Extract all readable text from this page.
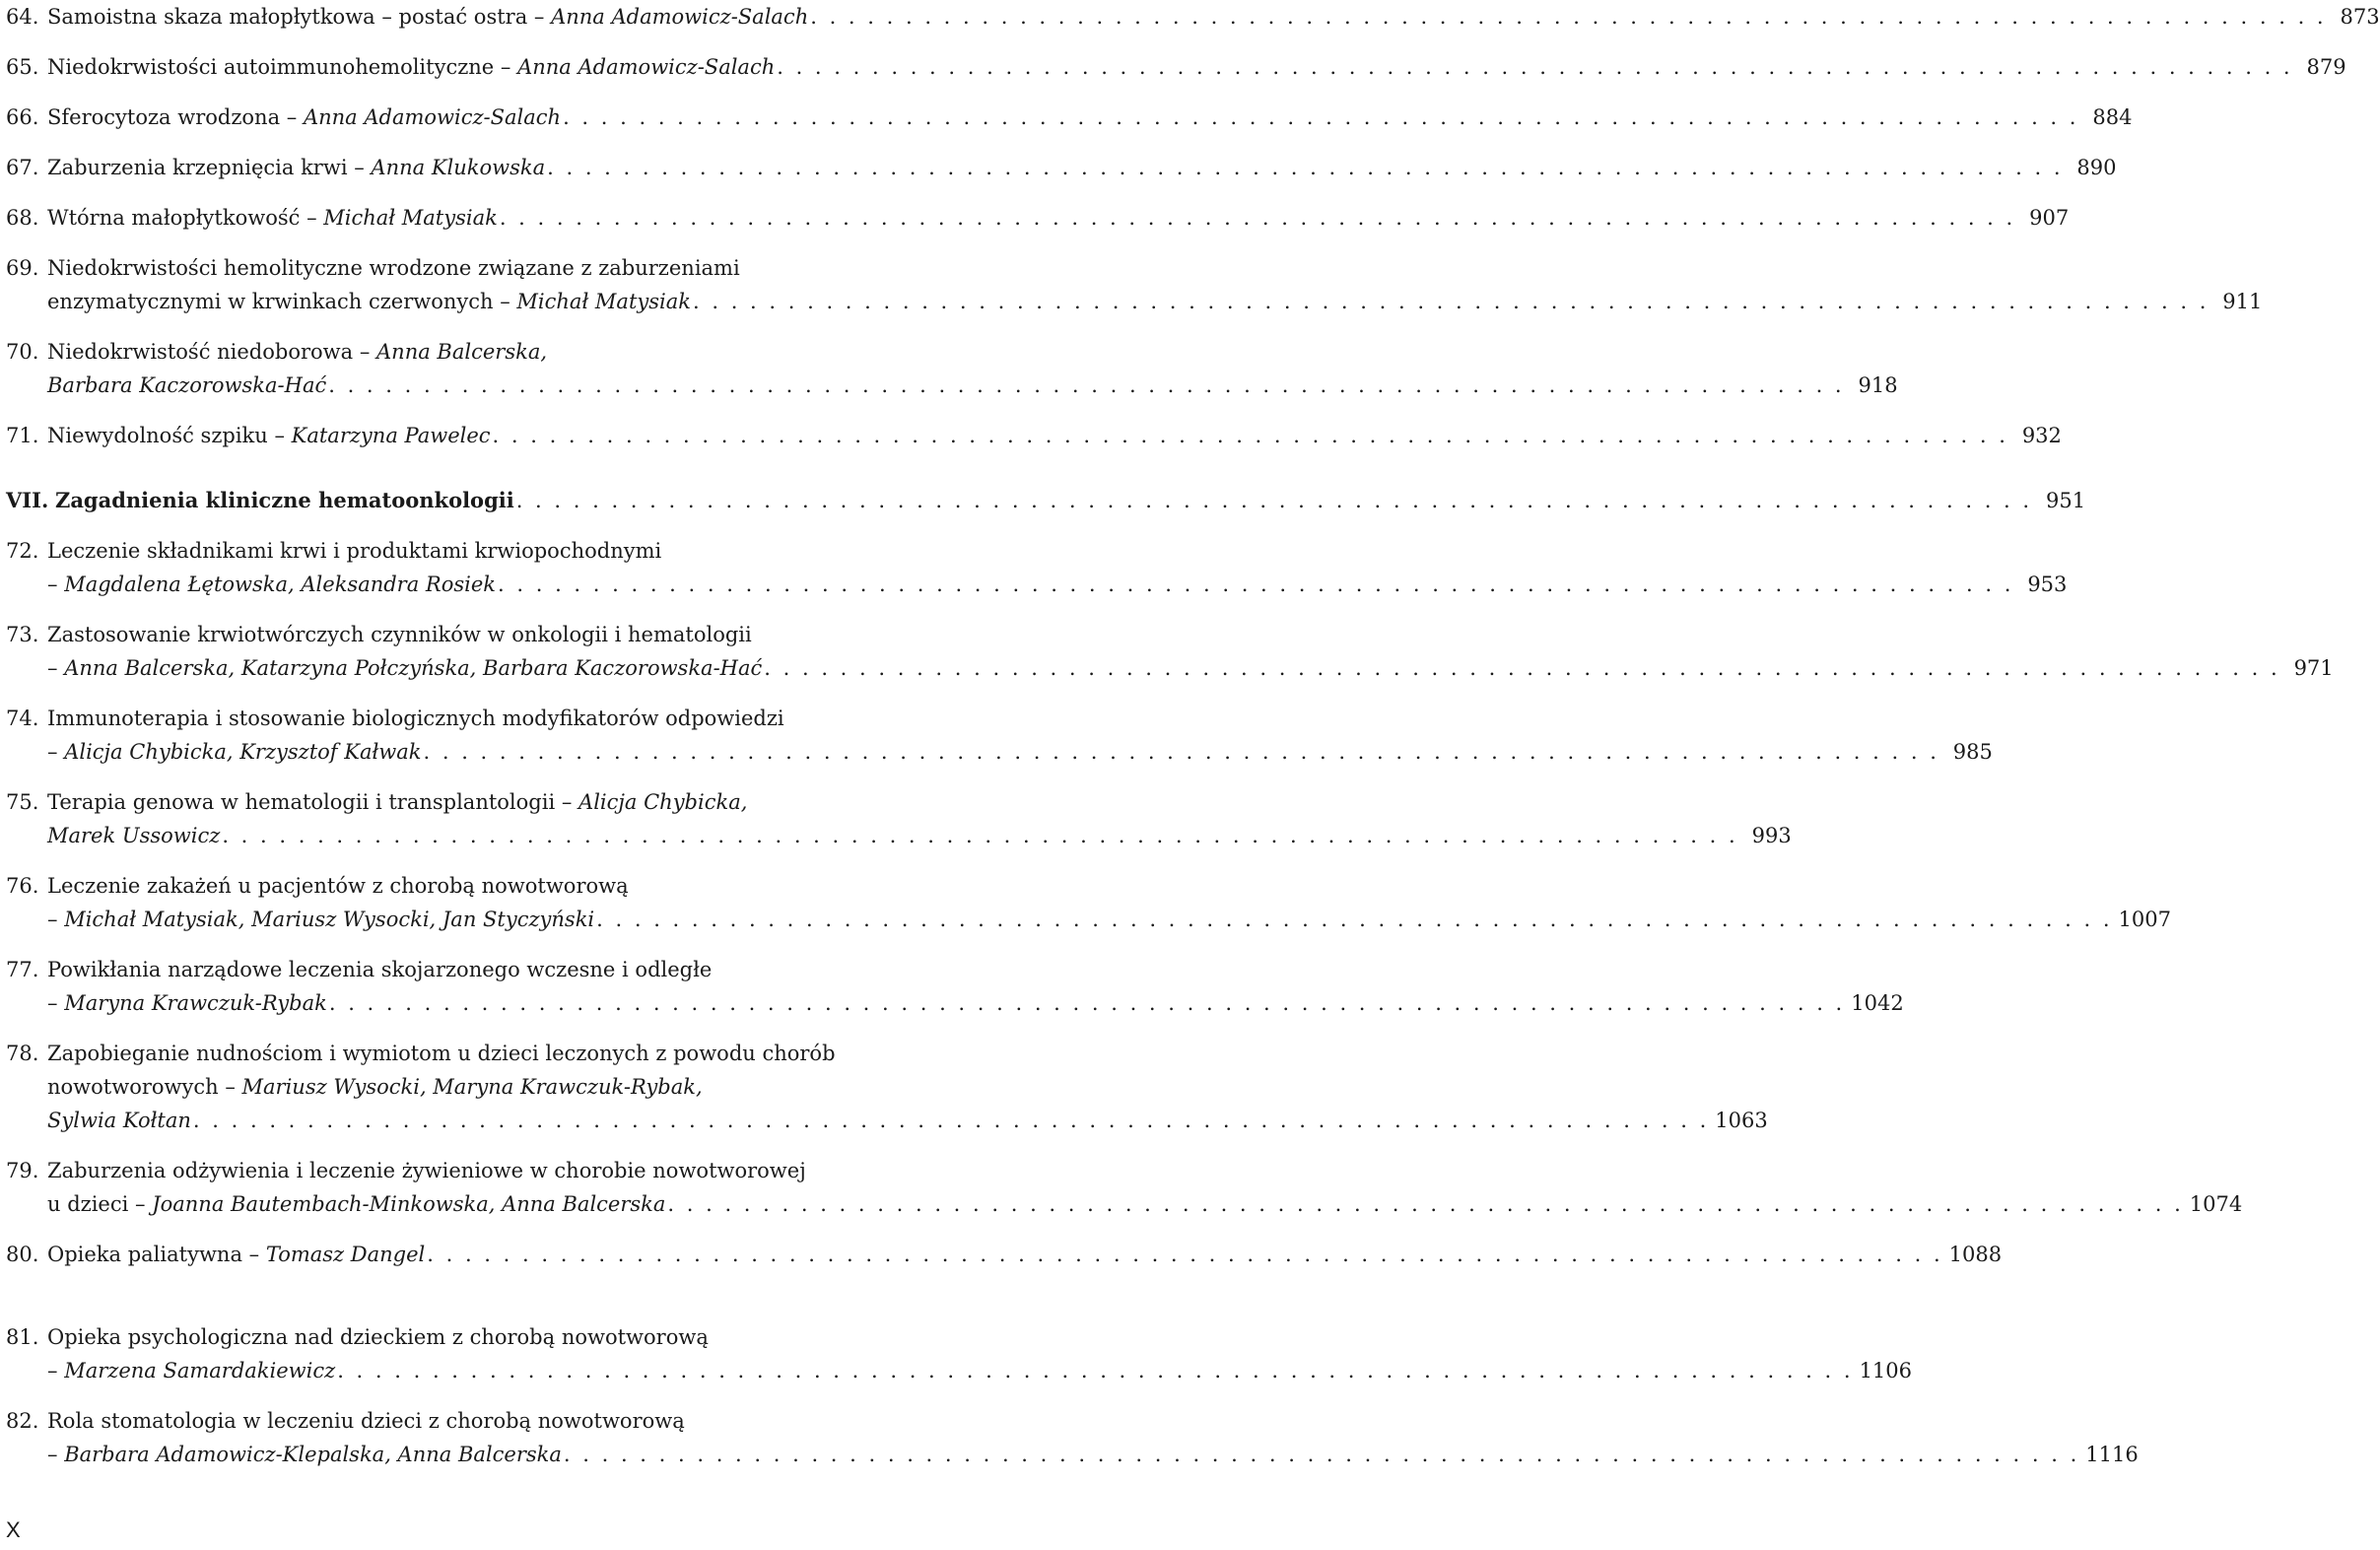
64. Samoistna skaza małopłytkowa – postać ostra – Anna Adamowicz-Salach . . . . . . . . . . . . . . . . . . . . . . . . . . . . . . . . . . . . . . . . . . . . . . . . . . . . . . . . . . . . . . . . . . . . . . . . . . . . . . . . 873
65. Niedokrwistości autoimmunohemolityczne – Anna Adamowicz-Salach . . . . . . . . . . . . . . . . . . . . . . . . . . . . . . . . . . . . . . . . . . . . . . . . . . . . . . . . . . . . . . . . . . . . . . . . . . . . . . . . 879
66. Sferocytoza wrodzona – Anna Adamowicz-Salach . . . . . . . . . . . . . . . . . . . . . . . . . . . . . . . . . . . . . . . . . . . . . . . . . . . . . . . . . . . . . . . . . . . . . . . . . . . . . . . . 884
67. Zaburzenia krzepnięcia krwi – Anna Klukowska . . . . . . . . . . . . . . . . . . . . . . . . . . . . . . . . . . . . . . . . . . . . . . . . . . . . . . . . . . . . . . . . . . . . . . . . . . . . . . . . 890
68. Wtórna małopłytkowość – Michał Matysiak . . . . . . . . . . . . . . . . . . . . . . . . . . . . . . . . . . . . . . . . . . . . . . . . . . . . . . . . . . . . . . . . . . . . . . . . . . . . . . . . 907
69. Niedokrwistości hemolityczne wrodzone związane z zaburzeniami
enzymatycznymi w krwinkach czerwonych – Michał Matysiak . . . . . . . . . . . . . . . . . . . . . . . . . . . . . . . . . . . . . . . . . . . . . . . . . . . . . . . . . . . . . . . . . . . . . . . . . . . . . . . . 911
70. Niedokrwistość niedoborowa – Anna Balcerska,
Barbara Kaczorowska-Hać . . . . . . . . . . . . . . . . . . . . . . . . . . . . . . . . . . . . . . . . . . . . . . . . . . . . . . . . . . . . . . . . . . . . . . . . . . . . . . . . 918
71. Niewydolność szpiku – Katarzyna Pawelec . . . . . . . . . . . . . . . . . . . . . . . . . . . . . . . . . . . . . . . . . . . . . . . . . . . . . . . . . . . . . . . . . . . . . . . . . . . . . . . . 932
VII. Zagadnienia kliniczne hematoonkologii . . . . . . . . . . . . . . . . . . . . . . . . . . . . . . . . . . . . . . . . . . . . . . . . . . . . . . . . . . . . . . . . . . . . . . . . . . . . . . . . 951
72. Leczenie składnikami krwi i produktami krwiopochodnymi
– Magdalena Łętowska, Aleksandra Rosiek . . . . . . . . . . . . . . . . . . . . . . . . . . . . . . . . . . . . . . . . . . . . . . . . . . . . . . . . . . . . . . . . . . . . . . . . . . . . . . . . 953
73. Zastosowanie krwiotwórczych czynników w onkologii i hematologii
– Anna Balcerska, Katarzyna Połczyńska, Barbara Kaczorowska-Hać . . . . . . . . . . . . . . . . . . . . . . . . . . . . . . . . . . . . . . . . . . . . . . . . . . . . . . . . . . . . . . . . . . . . . . . . . . . . . . . . 971
74. Immunoterapia i stosowanie biologicznych modyfikatorów odpowiedzi
– Alicja Chybicka, Krzysztof Kałwak . . . . . . . . . . . . . . . . . . . . . . . . . . . . . . . . . . . . . . . . . . . . . . . . . . . . . . . . . . . . . . . . . . . . . . . . . . . . . . . . 985
75. Terapia genowa w hematologii i transplantologii – Alicja Chybicka,
Marek Ussowicz . . . . . . . . . . . . . . . . . . . . . . . . . . . . . . . . . . . . . . . . . . . . . . . . . . . . . . . . . . . . . . . . . . . . . . . . . . . . . . . . 993
76. Leczenie zakażeń u pacjentów z chorobą nowotworową
– Michał Matysiak, Mariusz Wysocki, Jan Styczyński . . . . . . . . . . . . . . . . . . . . . . . . . . . . . . . . . . . . . . . . . . . . . . . . . . . . . . . . . . . . . . . . . . . . . . . . . . . . . . . . 1007
77. Powikłania narządowe leczenia skojarzonego wczesne i odległe
– Maryna Krawczuk-Rybak . . . . . . . . . . . . . . . . . . . . . . . . . . . . . . . . . . . . . . . . . . . . . . . . . . . . . . . . . . . . . . . . . . . . . . . . . . . . . . . . 1042
78. Zapobieganie nudnościom i wymiotom u dzieci leczonych z powodu chorób
nowotworowych – Mariusz Wysocki, Maryna Krawczuk-Rybak,
Sylwia Kołtan . . . . . . . . . . . . . . . . . . . . . . . . . . . . . . . . . . . . . . . . . . . . . . . . . . . . . . . . . . . . . . . . . . . . . . . . . . . . . . . . 1063
79. Zaburzenia odżywienia i leczenie żywieniowe w chorobie nowotworowej
u dzieci – Joanna Bautembach-Minkowska, Anna Balcerska . . . . . . . . . . . . . . . . . . . . . . . . . . . . . . . . . . . . . . . . . . . . . . . . . . . . . . . . . . . . . . . . . . . . . . . . . . . . . . . . 1074
80. Opieka paliatywna – Tomasz Dangel . . . . . . . . . . . . . . . . . . . . . . . . . . . . . . . . . . . . . . . . . . . . . . . . . . . . . . . . . . . . . . . . . . . . . . . . . . . . . . . . 1088
81. Opieka psychologiczna nad dzieckiem z chorobą nowotworową
– Marzena Samardakiewicz . . . . . . . . . . . . . . . . . . . . . . . . . . . . . . . . . . . . . . . . . . . . . . . . . . . . . . . . . . . . . . . . . . . . . . . . . . . . . . . . 1106
82. Rola stomatologia w leczeniu dzieci z chorobą nowotworową
– Barbara Adamowicz-Klepalska, Anna Balcerska . . . . . . . . . . . . . . . . . . . . . . . . . . . . . . . . . . . . . . . . . . . . . . . . . . . . . . . . . . . . . . . . . . . . . . . . . . . . . . . . 1116
X
